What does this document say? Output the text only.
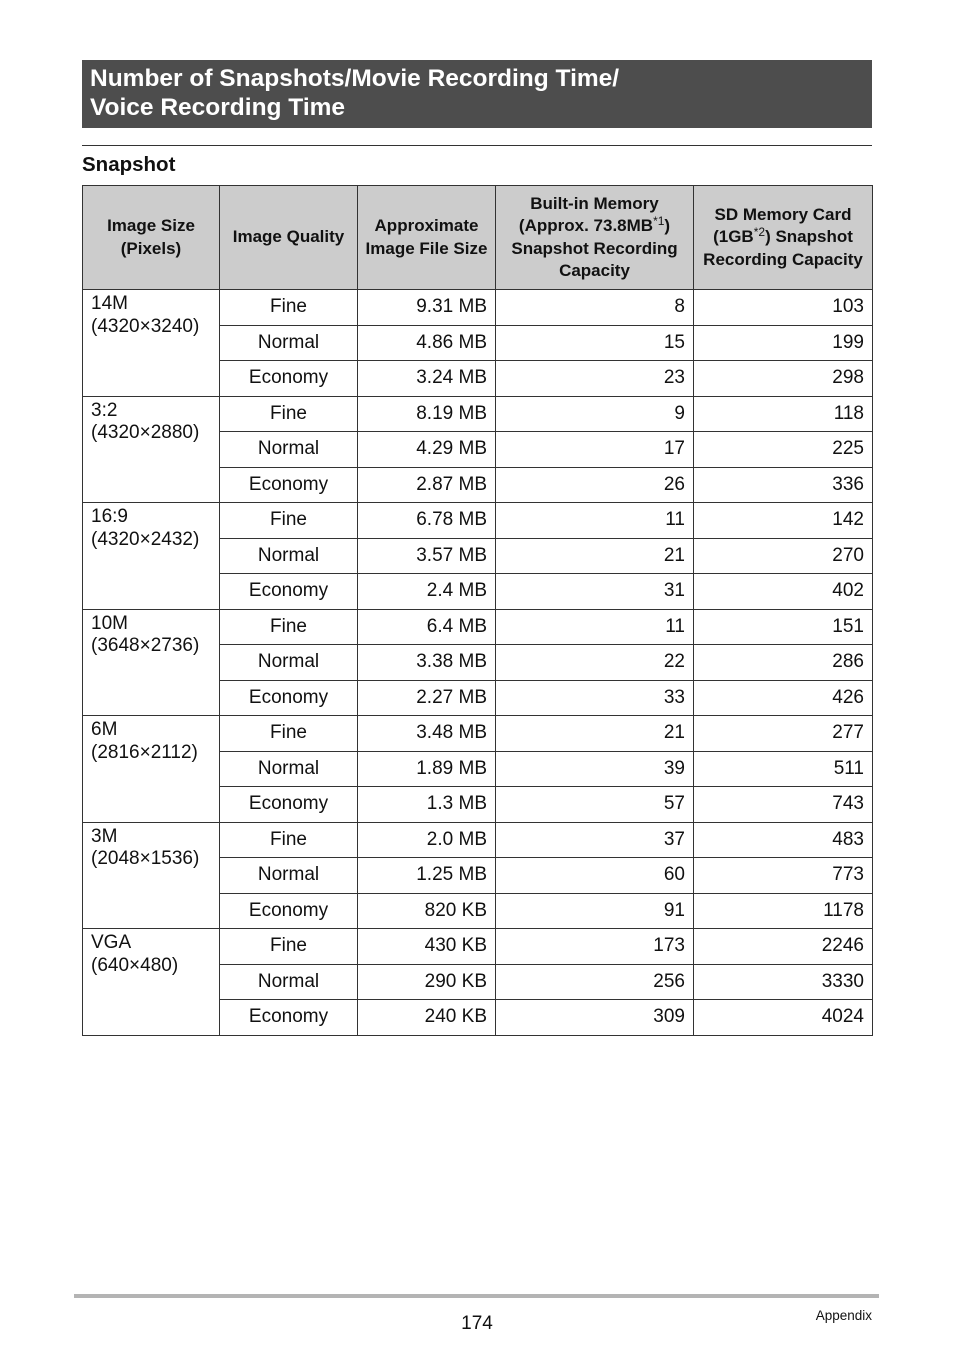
Number of Snapshots/Movie Recording Time/
Voice Recording Time
Snapshot
Image Size (Pixels)	Image Quality	Approximate Image File Size	Built-in Memory (Approx. 73.8MB$^{*1}$) Snapshot Recording Capacity	SD Memory Card (1GB$^{*2}$) Snapshot Recording Capacity

14M
(4320×3240)	Fine	9.31 MB	8	103
	Normal	4.86 MB	15	199
	Economy	3.24 MB	23	298

3:2
(4320×2880)	Fine	8.19 MB	9	118
	Normal	4.29 MB	17	225
	Economy	2.87 MB	26	336

16:9
(4320×2432)	Fine	6.78 MB	11	142
	Normal	3.57 MB	21	270
	Economy	2.4 MB	31	402

10M
(3648×2736)	Fine	6.4 MB	11	151
	Normal	3.38 MB	22	286
	Economy	2.27 MB	33	426

6M
(2816×2112)	Fine	3.48 MB	21	277
	Normal	1.89 MB	39	511
	Economy	1.3 MB	57	743

3M
(2048×1536)	Fine	2.0 MB	37	483
	Normal	1.25 MB	60	773
	Economy	820 KB	91	1178

VGA
(640×480)	Fine	430 KB	173	2246
	Normal	290 KB	256	3330
	Economy	240 KB	309	4024
174	Appendix
